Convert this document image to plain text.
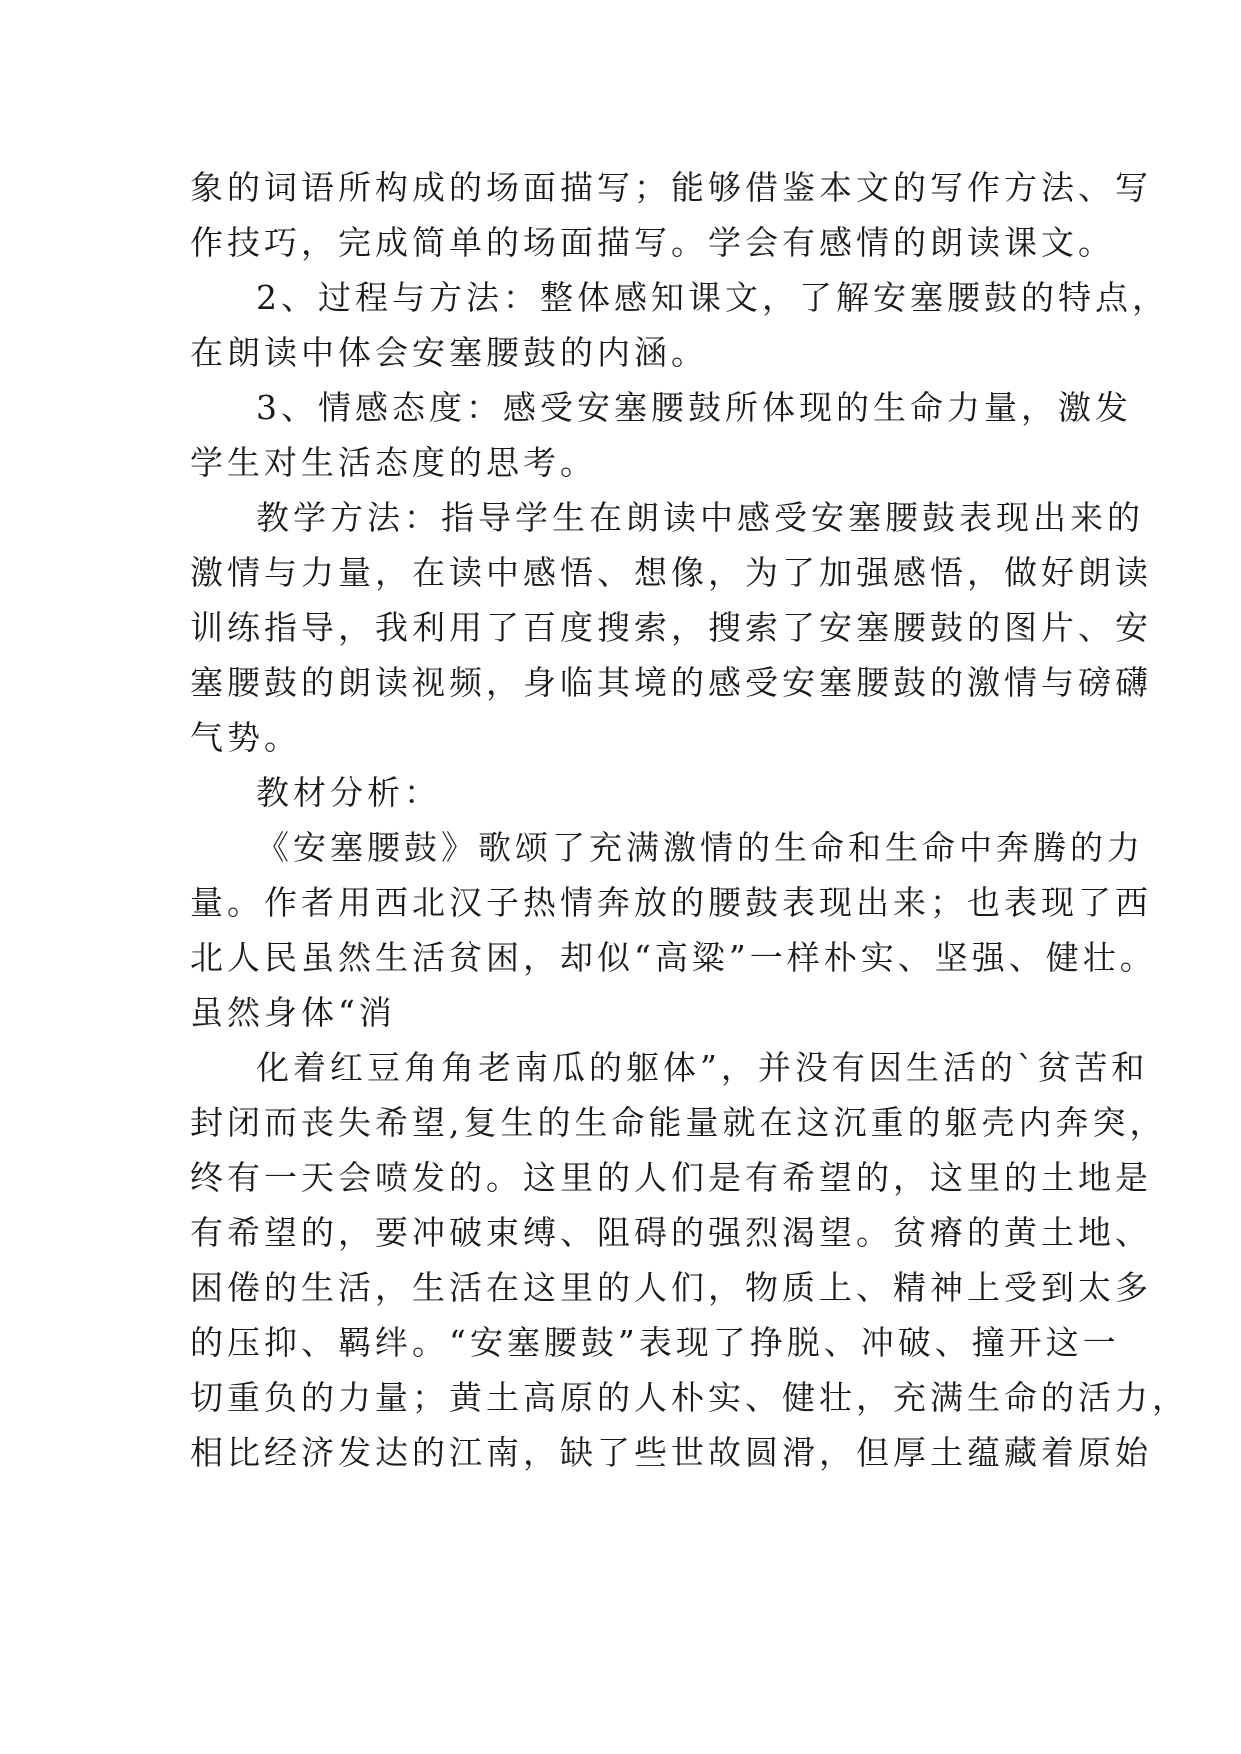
象的词语所构成的场面描写；能够借鉴本文的写作方法、写
作技巧，完成简单的场面描写。学会有感情的朗读课文。
2、过程与方法：整体感知课文，了解安塞腰鼓的特点，
在朗读中体会安塞腰鼓的内涵。
3、情感态度：感受安塞腰鼓所体现的生命力量，激发
学生对生活态度的思考。
教学方法：指导学生在朗读中感受安塞腰鼓表现出来的
激情与力量，在读中感悟、想像，为了加强感悟，做好朗读
训练指导，我利用了百度搜索，搜索了安塞腰鼓的图片、安
塞腰鼓的朗读视频，身临其境的感受安塞腰鼓的激情与磅礴
气势。
教材分析：
《安塞腰鼓》歌颂了充满激情的生命和生命中奔腾的力
量。作者用西北汉子热情奔放的腰鼓表现出来；也表现了西
北人民虽然生活贫困，却似“高粱”一样朴实、坚强、健壮。
虽然身体“消
化着红豆角角老南瓜的躯体”，并没有因生活的`贫苦和
封闭而丧失希望,复生的生命能量就在这沉重的躯壳内奔突，
终有一天会喷发的。这里的人们是有希望的，这里的土地是
有希望的，要冲破束缚、阻碍的强烈渴望。贫瘠的黄土地、
困倦的生活，生活在这里的人们，物质上、精神上受到太多
的压抑、羁绊。“安塞腰鼓”表现了挣脱、冲破、撞开这一
切重负的力量；黄土高原的人朴实、健壮，充满生命的活力，
相比经济发达的江南，缺了些世故圆滑，但厚土蕴藏着原始
